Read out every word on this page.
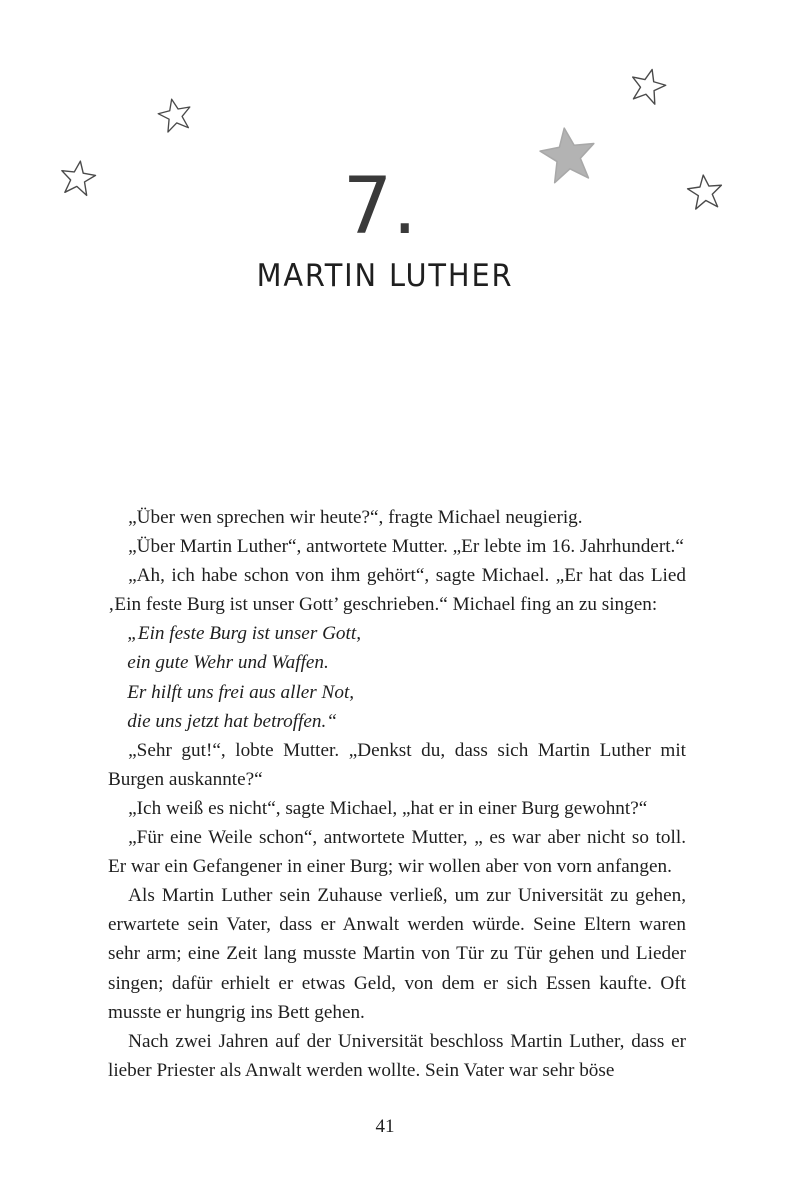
7.
MARTIN LUTHER

„Über wen sprechen wir heute?“, fragte Michael neugierig.

„Über Martin Luther“, antwortete Mutter. „Er lebte im 16. Jahrhundert.“

„Ah, ich habe schon von ihm gehört“, sagte Michael. „Er hat das Lied ‚Ein feste Burg ist unser Gott’ geschrieben.“ Michael fing an zu singen:

„Ein feste Burg ist unser Gott,

ein gute Wehr und Waffen.

Er hilft uns frei aus aller Not,

die uns jetzt hat betroffen.“

„Sehr gut!“, lobte Mutter. „Denkst du, dass sich Martin Luther mit Burgen auskannte?“

„Ich weiß es nicht“, sagte Michael, „hat er in einer Burg gewohnt?“

„Für eine Weile schon“, antwortete Mutter, „ es war aber nicht so toll. Er war ein Gefangener in einer Burg; wir wollen aber von vorn anfangen.

Als Martin Luther sein Zuhause verließ, um zur Universität zu gehen, erwartete sein Vater, dass er Anwalt werden würde. Seine Eltern waren sehr arm; eine Zeit lang musste Martin von Tür zu Tür gehen und Lieder singen; dafür erhielt er etwas Geld, von dem er sich Essen kaufte. Oft musste er hungrig ins Bett gehen.

Nach zwei Jahren auf der Universität beschloss Martin Luther, dass er lieber Priester als Anwalt werden wollte. Sein Vater war sehr böse

41
